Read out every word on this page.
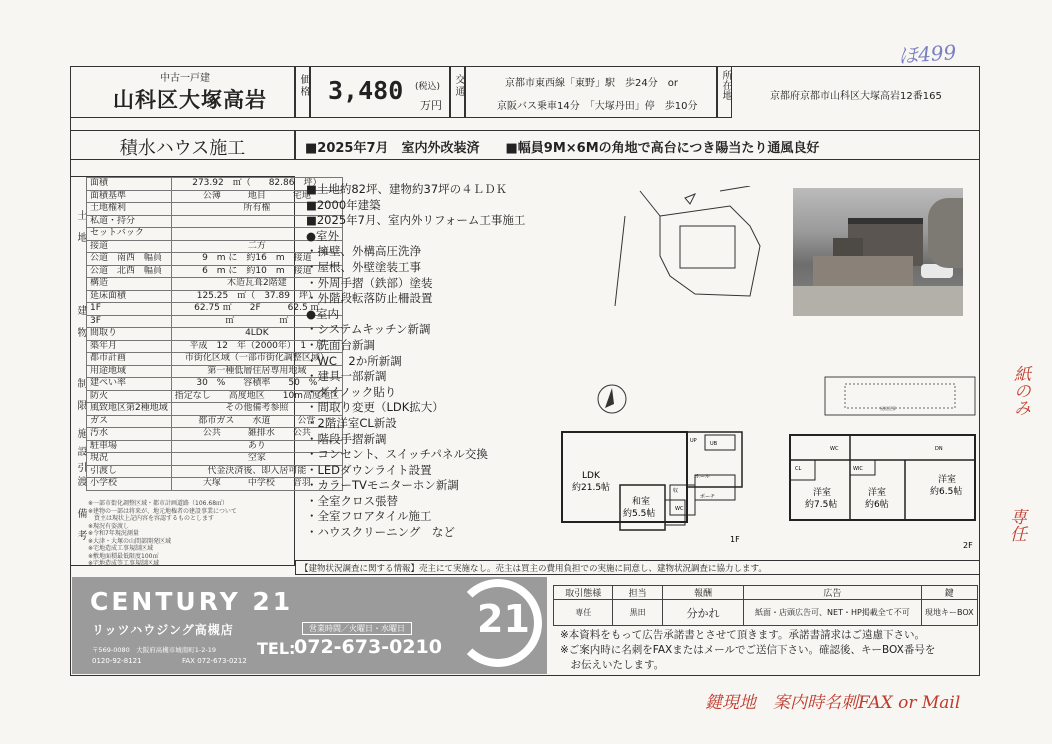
中古一戸建
山科区大塚高岩
価格 3,480 (税込)
万円
交通	京都市東西線「東野」駅　歩24分　or
京阪バス乗車14分　「大塚丹田」停　歩10分
所在地	京都府京都市山科区大塚高岩12番165
積水ハウス施工	■2025年7月　室内外改装済　　■幅員9M×6Mの角地で高台につき陽当たり通風良好
土地
建物
制限
施設
引渡
備考
面積	273.92　㎡（　　82.86　坪）
面積基準	公簿　　　地目　　　宅地
土地権利	所有権
私道・持分	
セットバック	
接道	二方
公道　南西　幅員	9　m に　約16　m　接道
公道　北西　幅員	6　m に　約10　m　接道
構造	木造瓦葺2階建
延床面積	125.25　㎡（　37.89　坪）
1F	62.75 ㎡　　2F　　　62.5 ㎡
3F	㎡　　　　　㎡
間取り	4LDK
築年月	平成　12　年（2000年）　1　月
都市計画	市街化区域（一部市街化調整区域）
用途地域	第一種低層住居専用地域
建ぺい率	30　%　　容積率　　50　%
防火	指定なし　　高度地区　　10m高度地区
風致地区第2種地域	その他備考参照
ガス	都市ガス　　水道　　　公営
汚水	公共　　　雑排水　　公共
駐車場	あり
現況	空家
引渡し	代金決済後、即入居可能
小学校	大塚　　　中学校　　音羽
※一部市街化調整区域・都市計画道路（106.68㎡）
※建物の一部は将来が、地元地権者の建設事業について
　買主は現状上記内容を容認するものとします
※現況有姿渡し
※令和7年現況測量
※大津・大塚の山間部開発区域
※宅地造成工事規制区域
※敷地面積最低限度100㎡
※宅地造成等工事規制区域
■土地約82坪、建物約37坪の４ＬＤＫ
■2000年建築
■2025年7月、室内外リフォーム工事施工
●室外
・擁壁、外構高圧洗浄
・屋根、外壁塗装工事
・外周手摺（鉄部）塗装
・外階段転落防止柵設置
●室内
・システムキッチン新調
・洗面台新調
・WC　2か所新調
・建具一部新調
・ダイノック貼り
・間取り変更（LDK拡大）
・2階洋室CL新設
・階段手摺新調
・コンセント、スイッチパネル交換
・LEDダウンライト設置
・カラーTVモニターホン新調
・全室クロス張替
・全室フロアタイル施工
・ハウスクリーニング　など
屋根瓦葺
LDK
約21.5帖
和室
約5.5帖
収
ポーチ
ホール
UP	UB
WC
1F
CL	WIC
WC	DN
洋室
約7.5帖
洋室
約6帖
洋室
約6.5帖
2F
【建物状況調査に関する情報】売主にて実施なし。売主は買主の費用負担での実施に同意し、建物状況調査に協力します。
CENTURY 21
リッツハウジング高槻店
〒569-0080　大阪府高槻市城南町1-2-19
0120-92-8121	FAX 072-673-0212
営業時間／火曜日・水曜日
TEL:
072-673-0210
21
取引態様	担当	報酬	広告	鍵
専任	黒田	分かれ	紙面・店頭広告可、NET・HP掲載全て不可	現地キーBOX
※本資料をもって広告承諾書とさせて頂きます。承諾書請求はご遠慮下さい。
※ご案内時に名刺をFAXまたはメールでご送信下さい。確認後、キーBOX番号を
　お伝えいたします。
ほ499
紙のみ
専任
鍵現地　案内時名刺FAX or Mail
